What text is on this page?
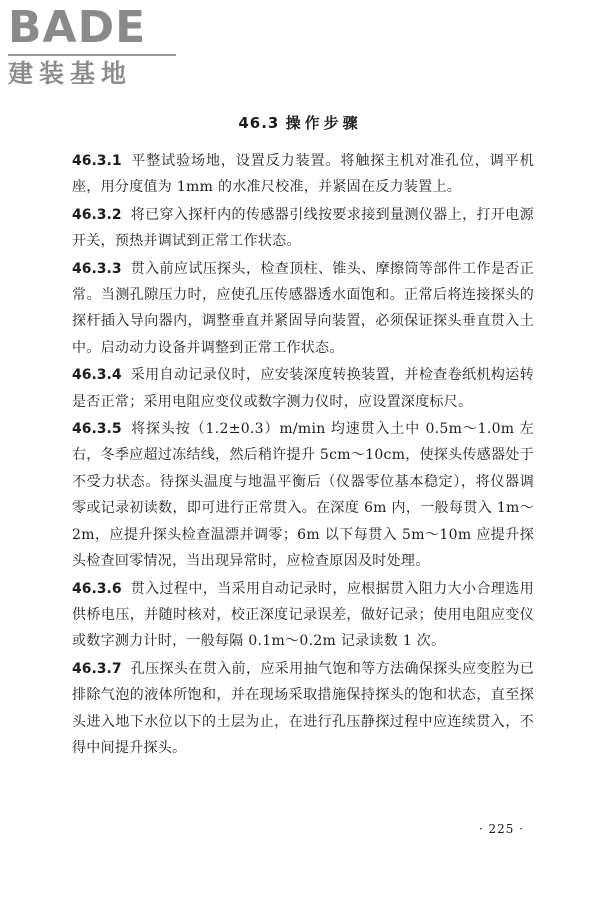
BADE
建装基地
46.3 操作步骤

46.3.1 平整试验场地，设置反力装置。将触探主机对准孔位，调平机座，用分度值为 1mm 的水准尺校准，并紧固在反力装置上。

46.3.2 将已穿入探杆内的传感器引线按要求接到量测仪器上，打开电源开关，预热并调试到正常工作状态。

46.3.3 贯入前应试压探头，检查顶柱、锥头、摩擦筒等部件工作是否正常。当测孔隙压力时，应使孔压传感器透水面饱和。正常后将连接探头的探杆插入导向器内，调整垂直并紧固导向装置，必须保证探头垂直贯入土中。启动动力设备并调整到正常工作状态。

46.3.4 采用自动记录仪时，应安装深度转换装置，并检查卷纸机构运转是否正常；采用电阻应变仪或数字测力仪时，应设置深度标尺。

46.3.5 将探头按（1.2±0.3）m/min 均速贯入土中 0.5m～1.0m 左右，冬季应超过冻结线，然后稍许提升 5cm～10cm，使探头传感器处于不受力状态。待探头温度与地温平衡后（仪器零位基本稳定），将仪器调零或记录初读数，即可进行正常贯入。在深度 6m 内，一般每贯入 1m～2m，应提升探头检查温漂并调零；6m 以下每贯入 5m～10m 应提升探头检查回零情况，当出现异常时，应检查原因及时处理。

46.3.6 贯入过程中，当采用自动记录时，应根据贯入阻力大小合理选用供桥电压，并随时核对，校正深度记录误差，做好记录；使用电阻应变仪或数字测力计时，一般每隔 0.1m～0.2m 记录读数 1 次。

46.3.7 孔压探头在贯入前，应采用抽气饱和等方法确保探头应变腔为已排除气泡的液体所饱和，并在现场采取措施保持探头的饱和状态，直至探头进入地下水位以下的土层为止，在进行孔压静探过程中应连续贯入，不得中间提升探头。

· 225 ·
